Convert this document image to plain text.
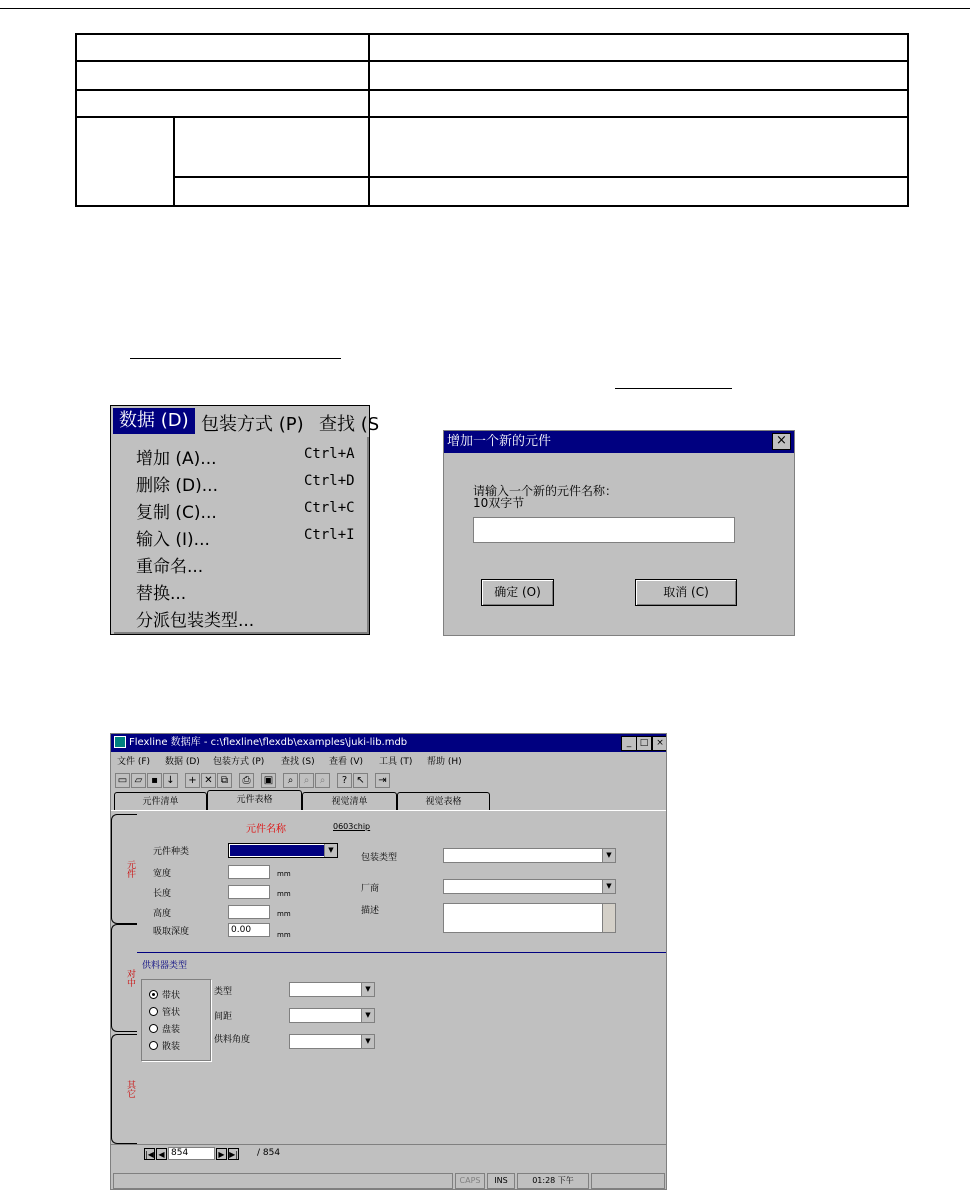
数据 (D) 包装方式 (P) 查找 (S
增加 (A)...	Ctrl+A
删除 (D)...	Ctrl+D
复制 (C)...	Ctrl+C
输入 (I)...	Ctrl+I
重命名...
替换...
分派包装类型...
增加一个新的元件	×
请输入一个新的元件名称：
10双字节
确定 (O)	取消 (C)
Flexline 数据库 - c:\flexline\flexdb\examples\juki-lib.mdb	_ □ ×
文件 (F) 数据 (D) 包装方式 (P) 查找 (S) 查看 (V) 工具 (T) 帮助 (H)
▭ ▱ ▪ ↓	+ ✕ ⧉	⎙	▣	⌕	⌕	⌕	? ↖	⇥
元件清单	元件表格	视觉清单	视觉表格
元件
对中
其它
元件名称	0603chip
元件种类	▼
宽度	mm
长度	mm
高度	mm
吸取深度	0.00	mm
包装类型	▼
厂商	▼
描述
供料器类型
带状
管状
盘装
散装
类型	▼
间距	▼
供料角度	▼
|◀ ◀ 854	▶ ▶| / 854
CAPS	INS	01:28 下午
